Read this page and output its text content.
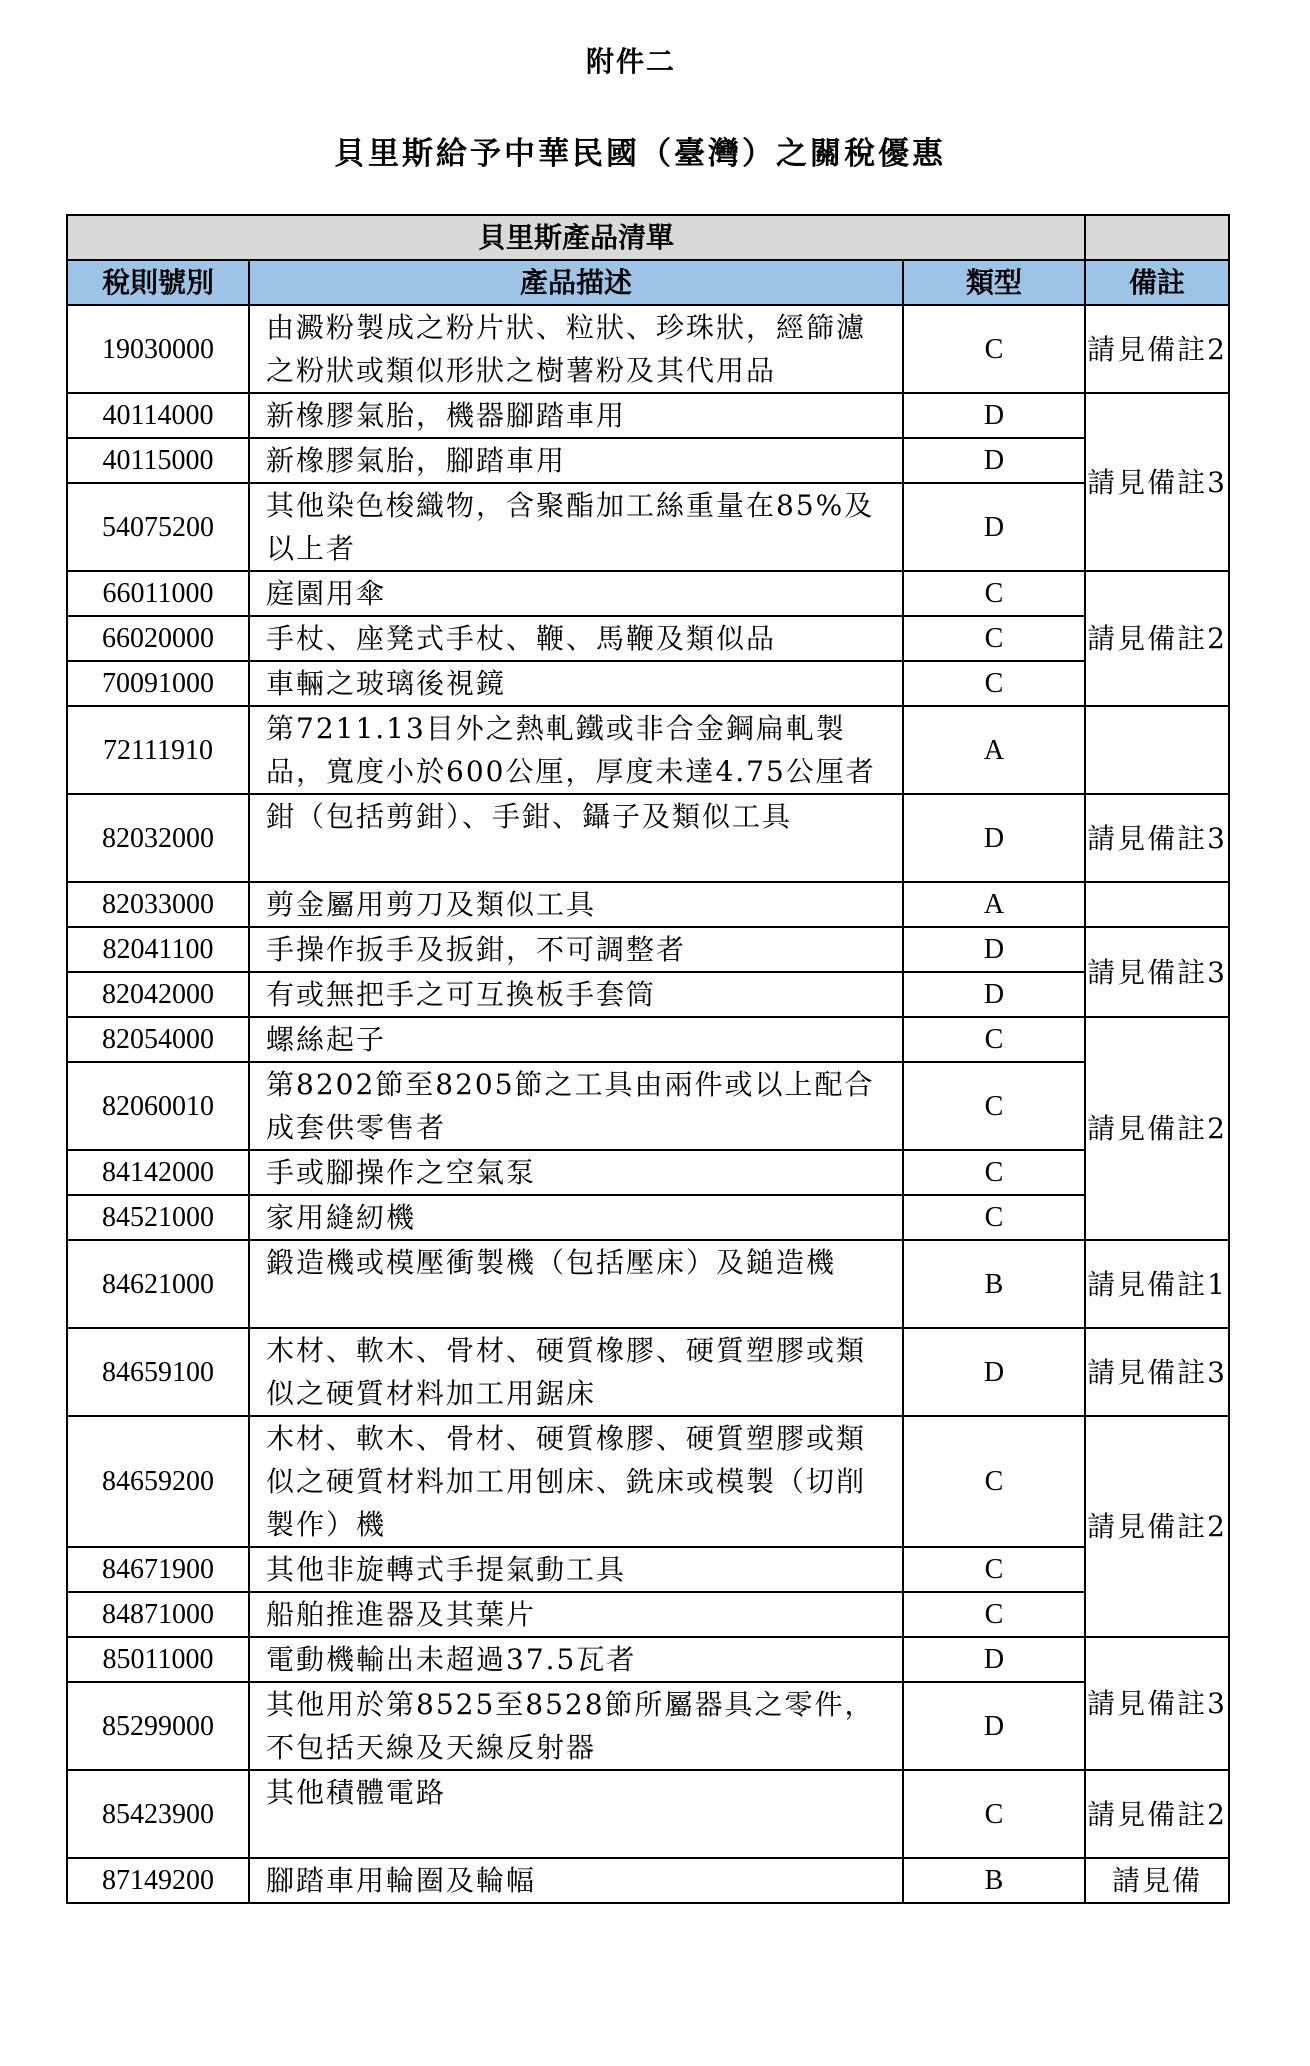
附件二
貝里斯給予中華民國（臺灣）之關稅優惠
貝里斯產品清單			
稅則號別	產品描述	類型	備註
19030000	由澱粉製成之粉片狀、粒狀、珍珠狀，經篩濾之粉狀或類似形狀之樹薯粉及其代用品	C	請見備註2
40114000	新橡膠氣胎，機器腳踏車用	D	請見備註3
40115000	新橡膠氣胎，腳踏車用	D	
54075200	其他染色梭織物，含聚酯加工絲重量在85%及以上者	D	
66011000	庭園用傘	C	請見備註2
66020000	手杖、座凳式手杖、鞭、馬鞭及類似品	C	
70091000	車輛之玻璃後視鏡	C	
72111910	第7211.13目外之熱軋鐵或非合金鋼扁軋製品，寬度小於600公厘，厚度未達4.75公厘者	A	
82032000	鉗（包括剪鉗）、手鉗、鑷子及類似工具	D	請見備註3
82033000	剪金屬用剪刀及類似工具	A	
82041100	手操作扳手及扳鉗，不可調整者	D	請見備註3
82042000	有或無把手之可互換板手套筒	D	
82054000	螺絲起子	C	請見備註2
82060010	第8202節至8205節之工具由兩件或以上配合成套供零售者	C	
84142000	手或腳操作之空氣泵	C	
84521000	家用縫紉機	C	
84621000	鍛造機或模壓衝製機（包括壓床）及鎚造機	B	請見備註1
84659100	木材、軟木、骨材、硬質橡膠、硬質塑膠或類似之硬質材料加工用鋸床	D	請見備註3
84659200	木材、軟木、骨材、硬質橡膠、硬質塑膠或類似之硬質材料加工用刨床、銑床或模製（切削製作）機	C	請見備註2
84671900	其他非旋轉式手提氣動工具	C	
84871000	船舶推進器及其葉片	C	
85011000	電動機輸出未超過37.5瓦者	D	請見備註3
85299000	其他用於第8525至8528節所屬器具之零件，不包括天線及天線反射器	D	
85423900	其他積體電路	C	請見備註2
87149200	腳踏車用輪圈及輪幅	B	請見備
